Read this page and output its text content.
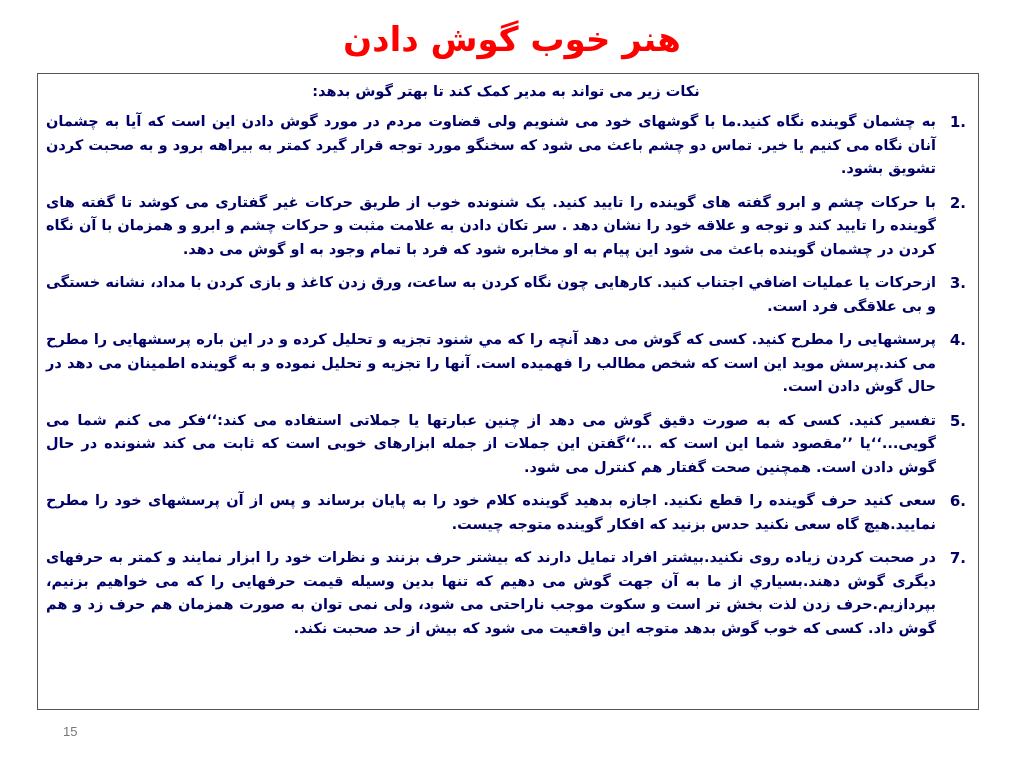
هنر خوب گوش دادن
نکات زیر می تواند به مدیر کمک کند تا بهتر گوش بدهد:
1.
به چشمان گوینده نگاه کنید.ما با گوشهای خود می شنویم ولی قضاوت مردم در مورد گوش دادن این است که آیا به چشمان آنان نگاه می کنیم یا خیر. تماس دو چشم باعث می شود که سخنگو مورد توجه قرار گیرد کمتر به بیراهه برود و به صحبت کردن تشویق بشود.
2.
با حرکات چشم و ابرو گفته های گوینده را تایید کنید. یک شنونده خوب از طریق حرکات غیر گفتاری می کوشد تا گفته های گوینده را تایید کند و توجه و علاقه خود را نشان دهد . سر تکان دادن به علامت مثبت و حرکات چشم و ابرو و همزمان با آن نگاه کردن در چشمان گوینده باعث می شود این پیام به او مخابره شود که فرد با تمام وجود به او گوش می دهد.
3.
ازحرکات یا عملیات اضافي اجتناب كنيد. کارهایی چون نگاه کردن به ساعت، ورق زدن کاغذ و بازی کردن با مداد، نشانه خستگی و بی علاقگی فرد است.
4.
پرسشهایی را مطرح کنید. کسی که گوش می دهد آنچه را که مي شنود تجزیه و تحلیل کرده و در این باره پرسشهایی را مطرح می کند.پرسش موید این است که شخص مطالب را فهمیده است. آنها را تجزیه و تحلیل نموده و به گوینده اطمینان می دهد در حال گوش دادن است.
5.
تفسیر کنید. کسی که به صورت دقیق گوش می دهد از چنین عبارتها یا جملاتی استفاده می کند:‘‘فکر می کنم شما می گویی...‘‘یا ’’مقصود شما این است که ...‘‘گفتن این جملات از جمله ابزارهای خوبی است که ثابت می کند شنونده در حال گوش دادن است. همچنین صحت گفتار هم کنترل می شود.
6.
سعی کنید حرف گوینده را قطع نکنید. اجازه بدهید گوینده کلام خود را به پایان برساند و پس از آن پرسشهای خود را مطرح نمایید.هیچ گاه سعی نکنید حدس بزنید که افکار گوینده متوجه چیست.
7.
در صحبت کردن زیاده روی نکنید.بیشتر افراد تمایل دارند که بیشتر حرف بزنند و نظرات خود را ابزار نمایند و کمتر به حرفهای دیگری گوش دهند.بسیاري از ما به آن جهت گوش می دهیم که تنها بدین وسیله قیمت حرفهایی را که می خواهیم بزنیم، بپردازیم.حرف زدن لذت بخش تر است و سکوت موجب ناراحتی می شود، ولی نمی توان به صورت همزمان هم حرف زد و هم گوش داد. کسی که خوب گوش بدهد متوجه این واقعیت می شود که بیش از حد صحبت نکند.
15
